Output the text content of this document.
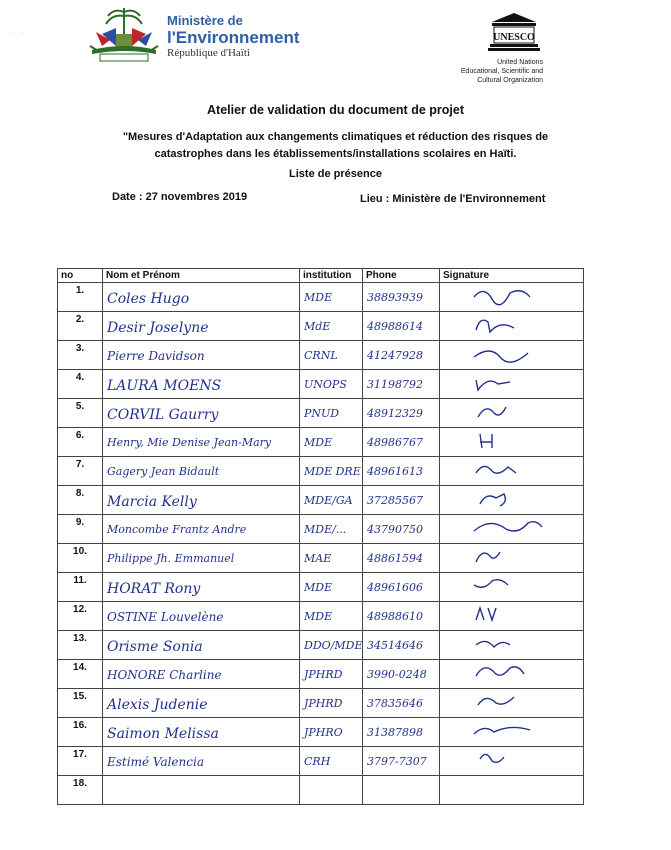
·   ·
Ministère de
l'Environnement
République d'Haïti
UNESCO
United Nations
Educational, Scientific and
Cultural Organization
Atelier de validation du document de projet
"Mesures d'Adaptation aux changements climatiques et réduction des risques de
catastrophes dans les établissements/installations scolaires en Haïti.
Liste de présence
Date : 27 novembres 2019	Lieu : Ministère de l'Environnement
no	Nom et Prénom	institution	Phone	Signature
1.	Coles Hugo	MDE	38893939

2.	Desir Joselyne	MdE	48988614

3.	Pierre Davidson	CRNL	41247928

4.	LAURA MOENS	UNOPS	31198792

5.	CORVIL Gaurry	PNUD	48912329

6.	Henry, Mie Denise Jean-Mary	MDE	48986767

7.	Gagery Jean Bidault	MDE DRE	48961613

8.	Marcia Kelly	MDE/GA	37285567

9.	Moncombe Frantz Andre	MDE/...	43790750

10.	Philippe Jh. Emmanuel	MAE	48861594

11.	HORAT Rony	MDE	48961606

12.	OSTINE Louvelène	MDE	48988610

13.	Orisme Sonia	DDO/MDE	34514646

14.	HONORE Charline	JPHRD	3990-0248

15.	Alexis Judenie	JPHRD	37835646

16.	Saimon Melissa	JPHRO	31387898

17.	Estimé Valencia	CRH	3797-7307

18.	
